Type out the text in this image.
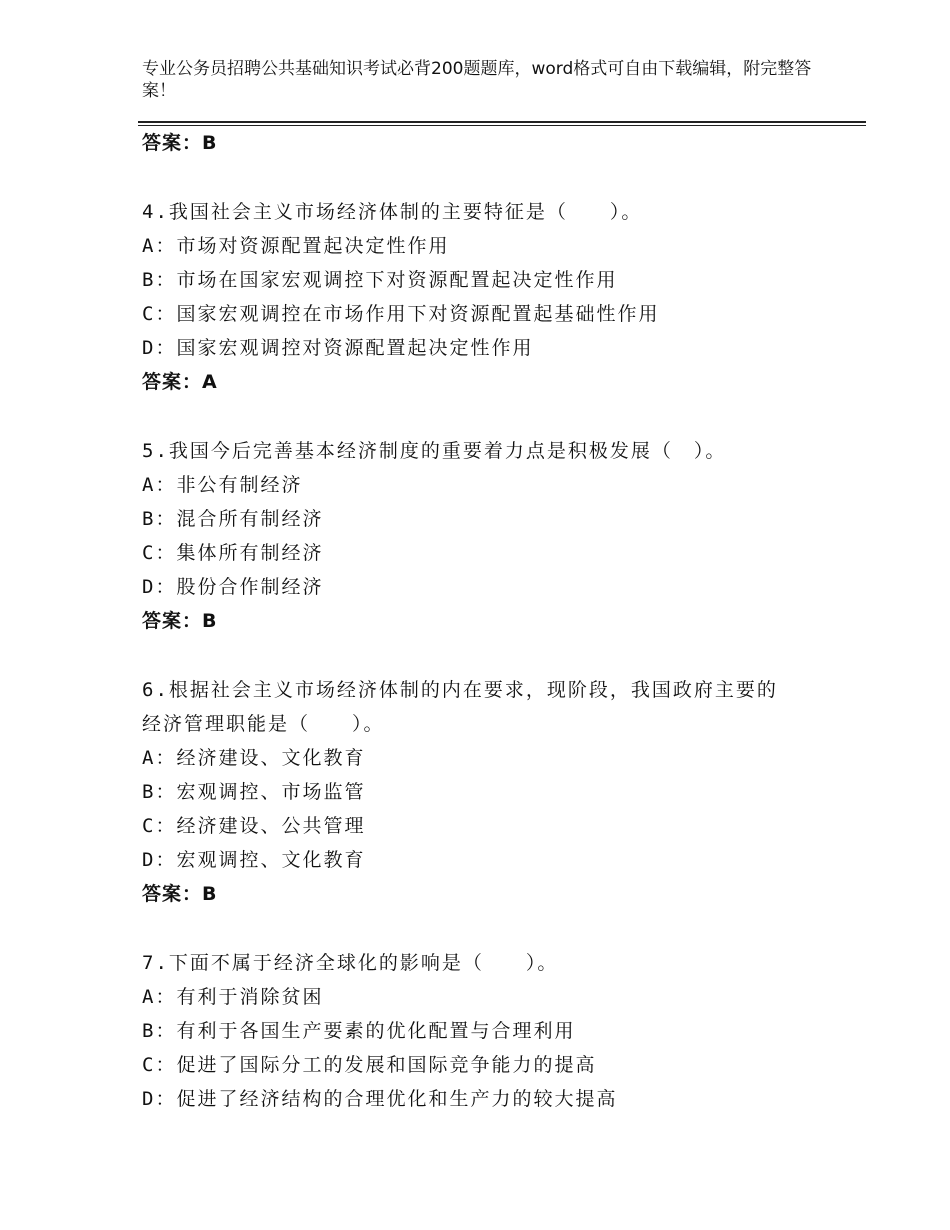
专业公务员招聘公共基础知识考试必背200题题库，word格式可自由下载编辑，附完整答案！
答案：B
4.我国社会主义市场经济体制的主要特征是（　　）。
A：市场对资源配置起决定性作用
B：市场在国家宏观调控下对资源配置起决定性作用
C：国家宏观调控在市场作用下对资源配置起基础性作用
D：国家宏观调控对资源配置起决定性作用
答案：A
5.我国今后完善基本经济制度的重要着力点是积极发展（　）。
A：非公有制经济
B：混合所有制经济
C：集体所有制经济
D：股份合作制经济
答案：B
6.根据社会主义市场经济体制的内在要求，现阶段，我国政府主要的
经济管理职能是（　　）。
A：经济建设、文化教育
B：宏观调控、市场监管
C：经济建设、公共管理
D：宏观调控、文化教育
答案：B
7.下面不属于经济全球化的影响是（　　）。
A：有利于消除贫困
B：有利于各国生产要素的优化配置与合理利用
C：促进了国际分工的发展和国际竞争能力的提高
D：促进了经济结构的合理优化和生产力的较大提高
